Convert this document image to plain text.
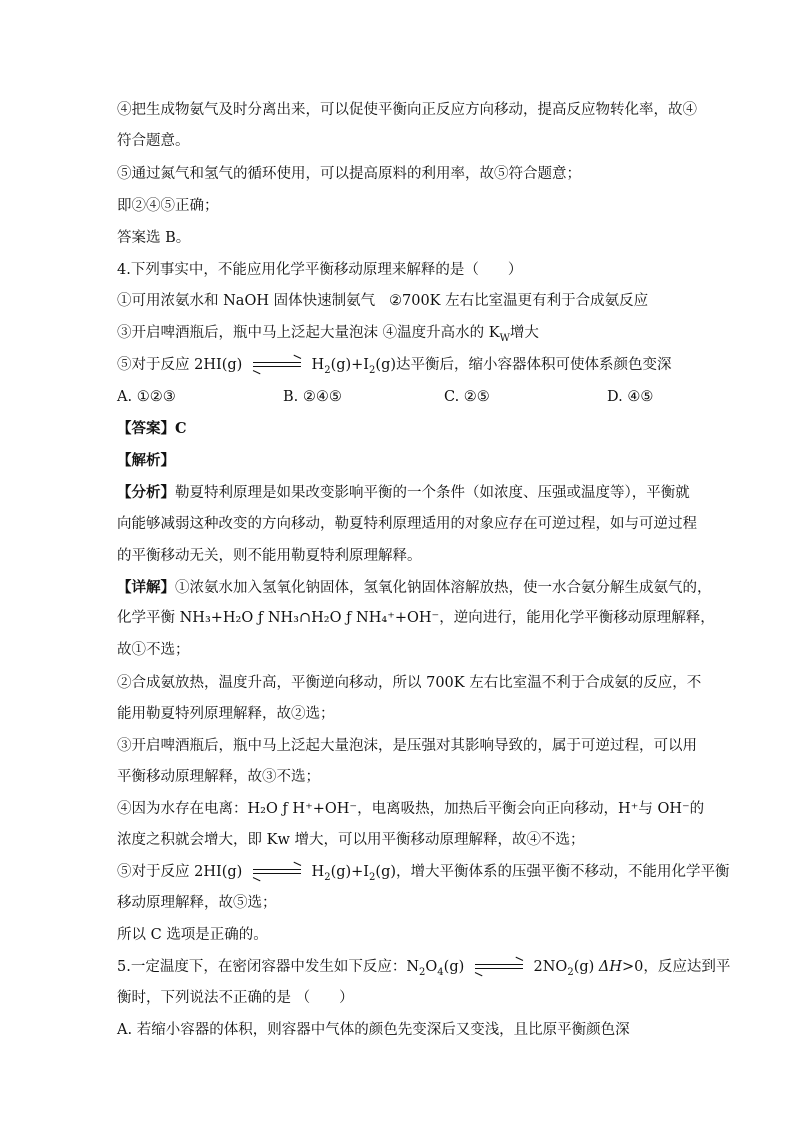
④把生成物氨气及时分离出来，可以促使平衡向正反应方向移动，提高反应物转化率，故④
符合题意。
⑤通过氮气和氢气的循环使用，可以提高原料的利用率，故⑤符合题意；
即②④⑤正确；
答案选 B。
4.下列事实中，不能应用化学平衡移动原理来解释的是（　　）
①可用浓氨水和 NaOH 固体快速制氨气 ②700K 左右比室温更有利于合成氨反应
③开启啤酒瓶后，瓶中马上泛起大量泡沫 ④温度升高水的 $K_W$增大
⑤对于反应 2HI(g)	$H_2(g)+I_2(g)$达平衡后，缩小容器体积可使体系颜色变深
A. ①②③	B. ②④⑤	C. ②⑤	D. ④⑤
【答案】C
【解析】
【分析】勒夏特利原理是如果改变影响平衡的一个条件（如浓度、压强或温度等），平衡就
向能够减弱这种改变的方向移动，勒夏特利原理适用的对象应存在可逆过程，如与可逆过程
的平衡移动无关，则不能用勒夏特利原理解释。
【详解】①浓氨水加入氢氧化钠固体，氢氧化钠固体溶解放热，使一水合氨分解生成氨气的，
化学平衡 NH₃+H₂O ƒ NH₃∩H₂O ƒ NH₄⁺+OH⁻，逆向进行，能用化学平衡移动原理解释，
故①不选；
②合成氨放热，温度升高，平衡逆向移动，所以 700K 左右比室温不利于合成氨的反应，不
能用勒夏特列原理解释，故②选；
③开启啤酒瓶后，瓶中马上泛起大量泡沫，是压强对其影响导致的，属于可逆过程，可以用
平衡移动原理解释，故③不选；
④因为水存在电离：H₂O ƒ H⁺+OH⁻，电离吸热，加热后平衡会向正向移动，H⁺与 OH⁻的
浓度之积就会增大，即 Kw 增大，可以用平衡移动原理解释，故④不选；
⑤对于反应 2HI(g)	$H_2(g)+I_2(g)$，增大平衡体系的压强平衡不移动，不能用化学平衡
移动原理解释，故⑤选；
所以 C 选项是正确的。
5.一定温度下，在密闭容器中发生如下反应：$N_2O_4(g)$	$2NO_2(g)$ ΔH>0，反应达到平
衡时，下列说法不正确的是 （　　）
A. 若缩小容器的体积，则容器中气体的颜色先变深后又变浅，且比原平衡颜色深
